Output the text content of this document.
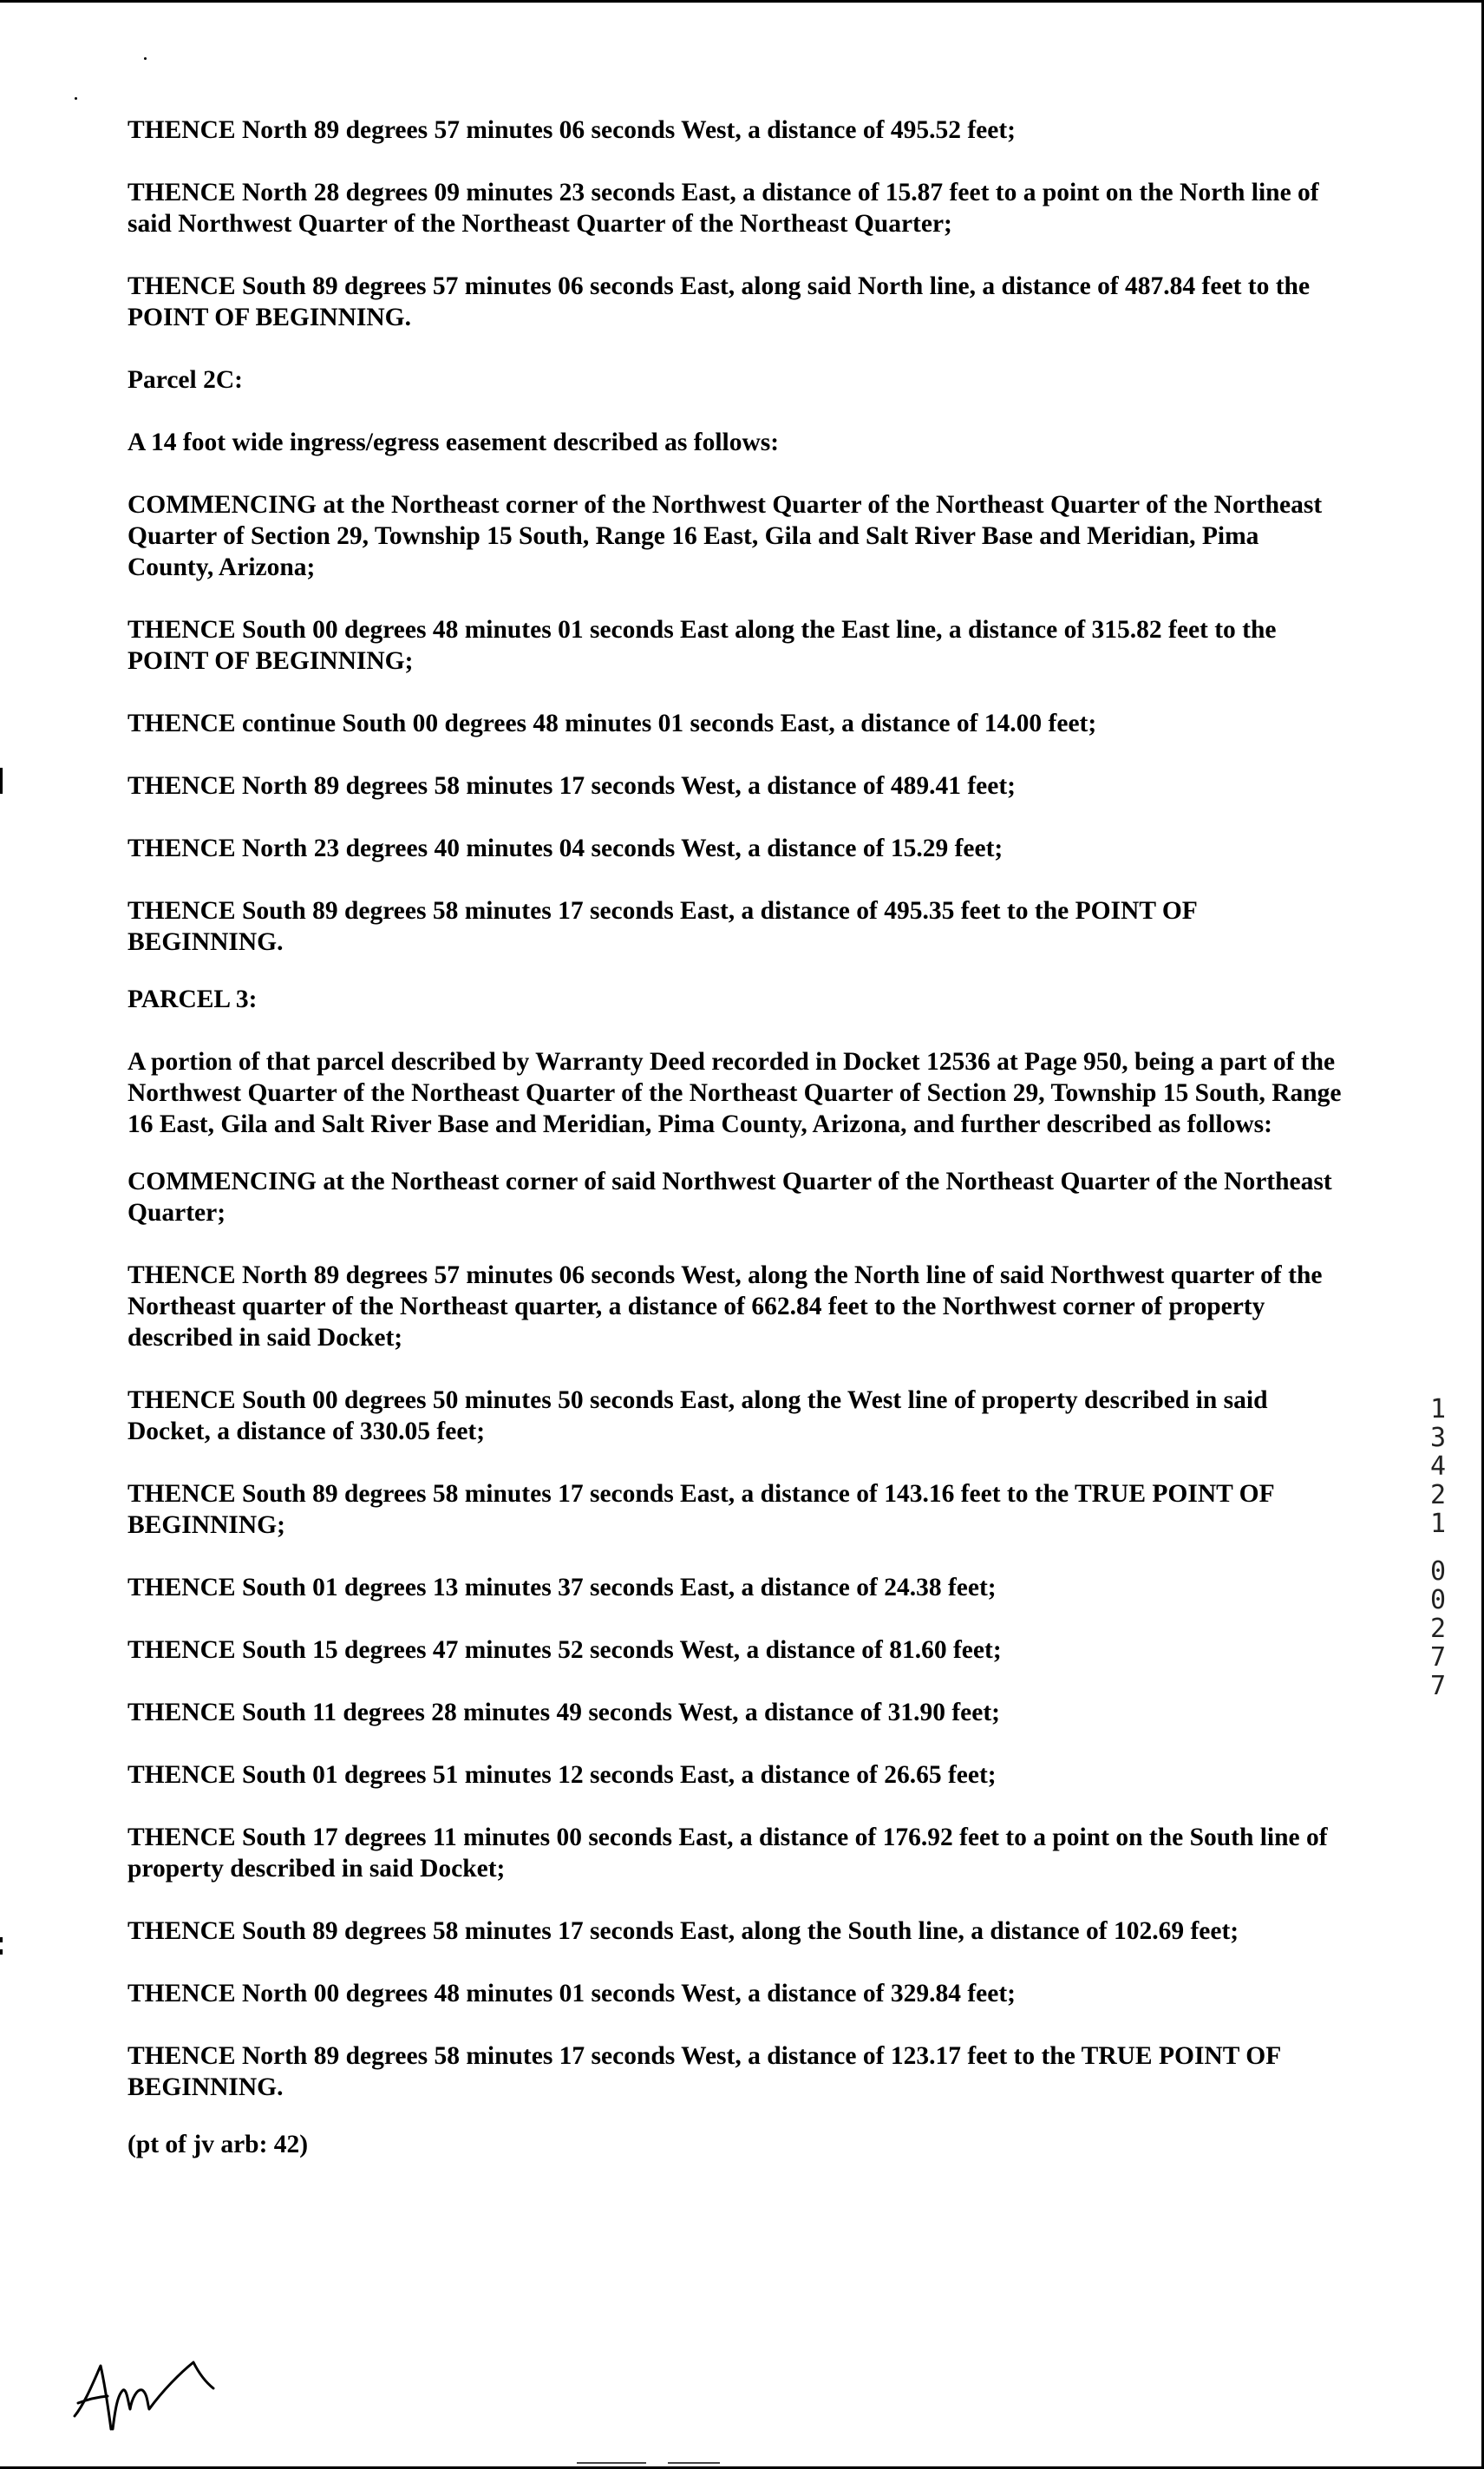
THENCE North 89 degrees 57 minutes 06 seconds West, a distance of 495.52 feet;

THENCE North 28 degrees 09 minutes 23 seconds East, a distance of 15.87 feet to a point on the North line of said Northwest Quarter of the Northeast Quarter of the Northeast Quarter;

THENCE South 89 degrees 57 minutes 06 seconds East, along said North line, a distance of 487.84 feet to the POINT OF BEGINNING.

Parcel 2C:

A 14 foot wide ingress/egress easement described as follows:

COMMENCING at the Northeast corner of the Northwest Quarter of the Northeast Quarter of the Northeast Quarter of Section 29, Township 15 South, Range 16 East, Gila and Salt River Base and Meridian, Pima County, Arizona;

THENCE South 00 degrees 48 minutes 01 seconds East along the East line, a distance of 315.82 feet to the POINT OF BEGINNING;

THENCE continue South 00 degrees 48 minutes 01 seconds East, a distance of 14.00 feet;

THENCE North 89 degrees 58 minutes 17 seconds West, a distance of 489.41 feet;

THENCE North 23 degrees 40 minutes 04 seconds West, a distance of 15.29 feet;

THENCE South 89 degrees 58 minutes 17 seconds East, a distance of 495.35 feet to the POINT OF BEGINNING.

PARCEL 3:

A portion of that parcel described by Warranty Deed recorded in Docket 12536 at Page 950, being a part of the Northwest Quarter of the Northeast Quarter of the Northeast Quarter of Section 29, Township 15 South, Range 16 East, Gila and Salt River Base and Meridian, Pima County, Arizona, and further described as follows:

COMMENCING at the Northeast corner of said Northwest Quarter of the Northeast Quarter of the Northeast Quarter;

THENCE North 89 degrees 57 minutes 06 seconds West, along the North line of said Northwest quarter of the Northeast quarter of the Northeast quarter, a distance of 662.84 feet to the Northwest corner of property described in said Docket;

THENCE South 00 degrees 50 minutes 50 seconds East, along the West line of property described in said Docket, a distance of 330.05 feet;

THENCE South 89 degrees 58 minutes 17 seconds East, a distance of 143.16 feet to the TRUE POINT OF BEGINNING;

THENCE South 01 degrees 13 minutes 37 seconds East, a distance of 24.38 feet;

THENCE South 15 degrees 47 minutes 52 seconds West, a distance of 81.60 feet;

THENCE South 11 degrees 28 minutes 49 seconds West, a distance of 31.90 feet;

THENCE South 01 degrees 51 minutes 12 seconds East, a distance of 26.65 feet;

THENCE South 17 degrees 11 minutes 00 seconds East, a distance of 176.92 feet to a point on the South line of property described in said Docket;

THENCE South 89 degrees 58 minutes 17 seconds East, along the South line, a distance of 102.69 feet;

THENCE North 00 degrees 48 minutes 01 seconds West, a distance of 329.84 feet;

THENCE North 89 degrees 58 minutes 17 seconds West, a distance of 123.17 feet to the TRUE POINT OF BEGINNING.

(pt of jv arb: 42)

1
3
4
2
1
0
0
2
7
7
